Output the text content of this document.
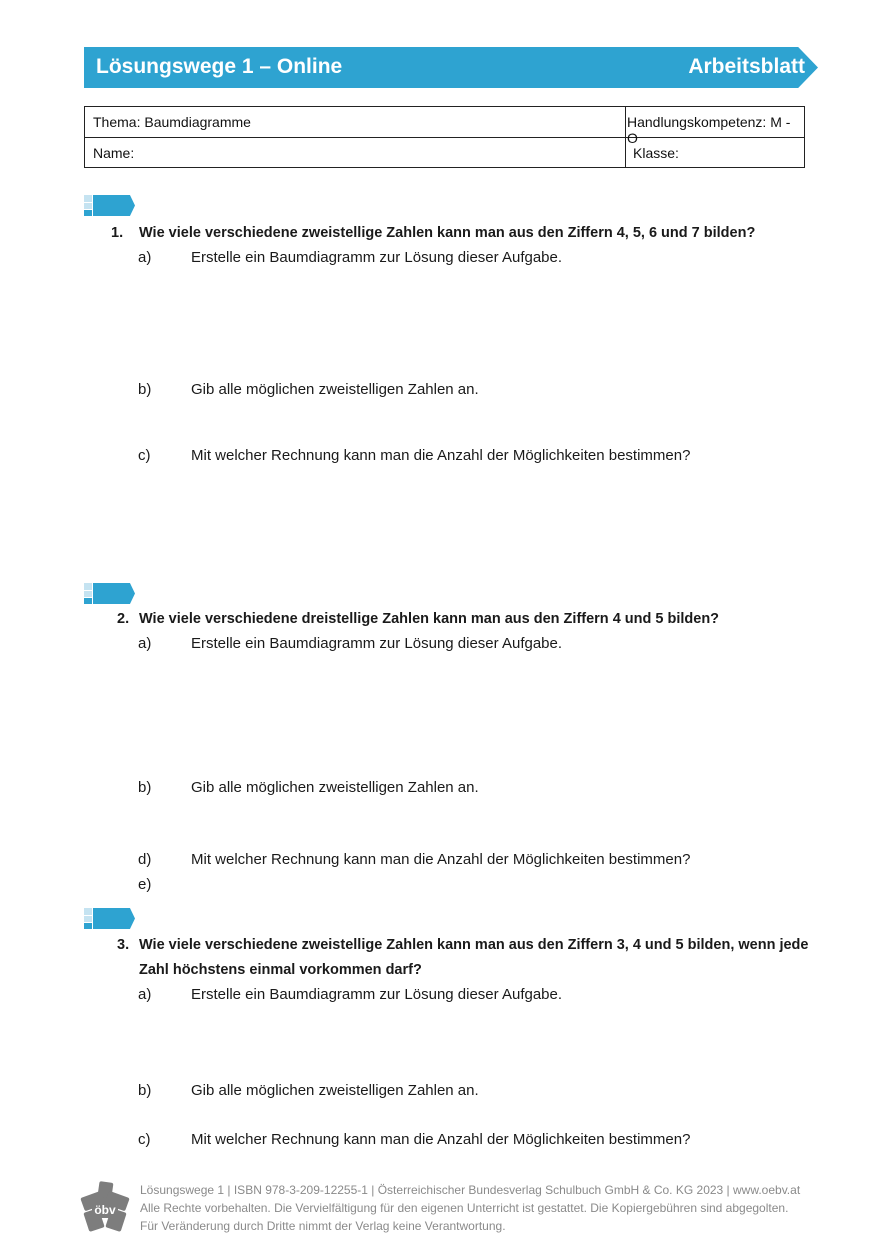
Lösungswege 1 – Online	Arbeitsblatt
Thema: Baumdiagramme	Handlungskompetenz: M - O
Name:	Klasse:
1. Wie viele verschiedene zweistellige Zahlen kann man aus den Ziffern 4, 5, 6 und 7 bilden?
a)	Erstelle ein Baumdiagramm zur Lösung dieser Aufgabe.
b)	Gib alle möglichen zweistelligen Zahlen an.
c)	Mit welcher Rechnung kann man die Anzahl der Möglichkeiten bestimmen?
2. Wie viele verschiedene dreistellige Zahlen kann man aus den Ziffern 4 und 5 bilden?
a)	Erstelle ein Baumdiagramm zur Lösung dieser Aufgabe.
b)	Gib alle möglichen zweistelligen Zahlen an.
d)	Mit welcher Rechnung kann man die Anzahl der Möglichkeiten bestimmen?
e)
3. Wie viele verschiedene zweistellige Zahlen kann man aus den Ziffern 3, 4 und 5 bilden, wenn jede
Zahl höchstens einmal vorkommen darf?
a)	Erstelle ein Baumdiagramm zur Lösung dieser Aufgabe.
b)	Gib alle möglichen zweistelligen Zahlen an.
c)	Mit welcher Rechnung kann man die Anzahl der Möglichkeiten bestimmen?
öbv
Lösungswege 1 | ISBN 978-3-209-12255-1 | Österreichischer Bundesverlag Schulbuch GmbH & Co. KG 2023 | www.oebv.at
Alle Rechte vorbehalten. Die Vervielfältigung für den eigenen Unterricht ist gestattet. Die Kopiergebühren sind abgegolten.
Für Veränderung durch Dritte nimmt der Verlag keine Verantwortung.
